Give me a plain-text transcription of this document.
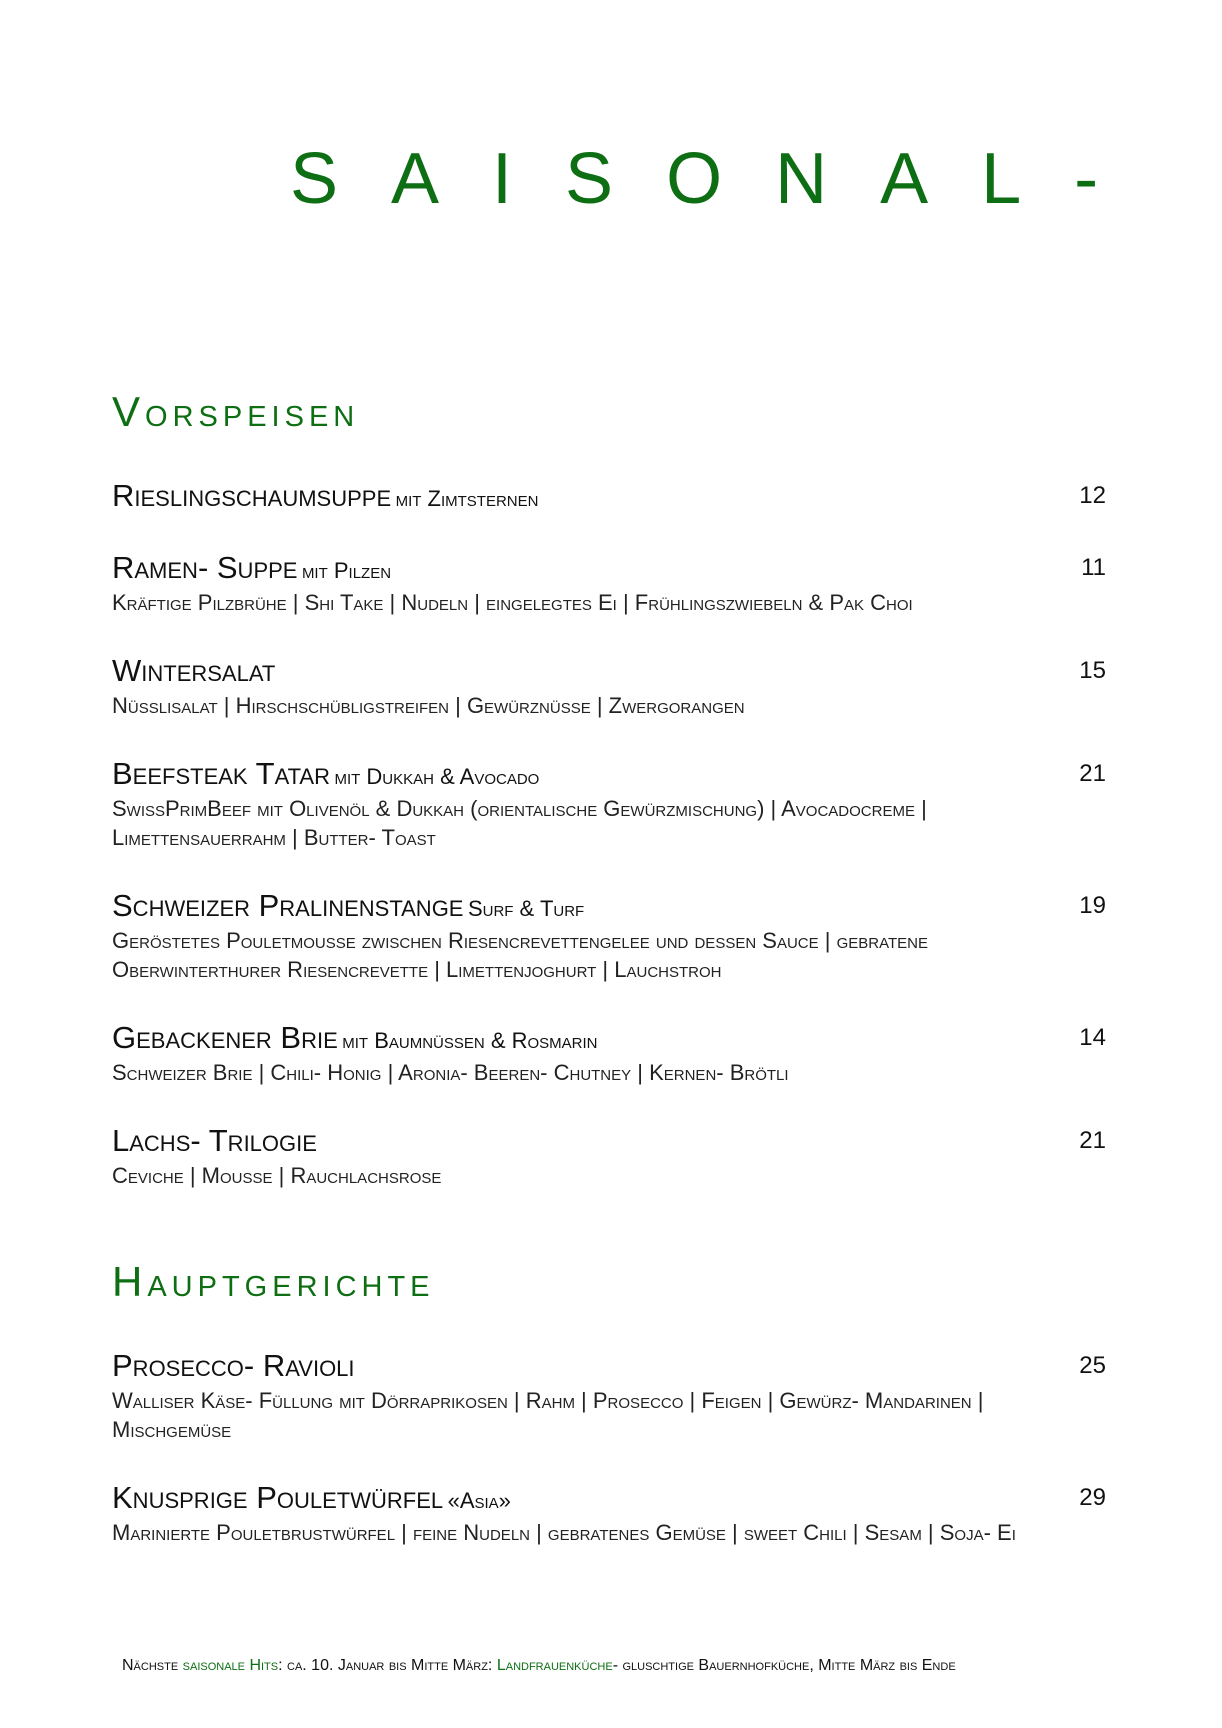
SAISONAL-
Vorspeisen
Rieslingschaumsuppe mit Zimtsternen	12
Ramen- Suppe mit Pilzen	11
Kräftige Pilzbrühe | Shi Take | Nudeln | eingelegtes Ei | Frühlingszwiebeln & Pak Choi
Wintersalat	15
Nüsslisalat | Hirschschübligstreifen | Gewürznüsse | Zwergorangen
Beefsteak Tatar mit Dukkah & Avocado	21
SwissPrimBeef mit Olivenöl & Dukkah (orientalische Gewürzmischung) | Avocadocreme | Limettensauerrahm | Butter- Toast
Schweizer Pralinenstange Surf & Turf	19
Geröstetes Pouletmousse zwischen Riesencrevettengelee und dessen Sauce | gebratene Oberwinterthurer Riesencrevette | Limettenjoghurt | Lauchstroh
Gebackener Brie mit Baumnüssen & Rosmarin	14
Schweizer Brie | Chili- Honig | Aronia- Beeren- Chutney | Kernen- Brötli
Lachs- Trilogie	21
Ceviche | Mousse | Rauchlachsrose
Hauptgerichte
Prosecco- Ravioli	25
Walliser Käse- Füllung mit Dörraprikosen | Rahm | Prosecco | Feigen | Gewürz- Mandarinen | Mischgemüse
Knusprige Pouletwürfel «Asia»	29
Marinierte Pouletbrustwürfel | feine Nudeln | gebratenes Gemüse | sweet Chili | Sesam | Soja- Ei
Nächste saisonale Hits: ca. 10. Januar bis Mitte März: Landfrauenküche- gluschtige Bauernhofküche, Mitte März bis Ende
